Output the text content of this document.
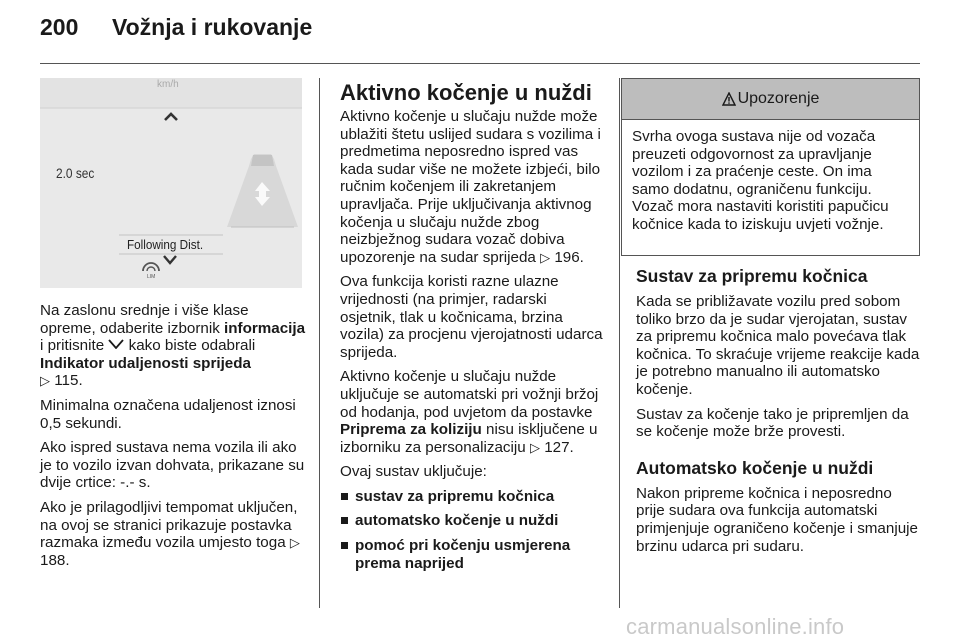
200 Vožnja i rukovanje
km/h
2.0 sec
Following Dist.
LIM

Na zaslonu srednje i više klase opreme, odaberite izbornik informacija i pritisnite  kako biste odabrali Indikator udaljenosti sprijeda
▷ 115.

Minimalna označena udaljenost iznosi 0,5 sekundi.

Ako ispred sustava nema vozila ili ako je to vozilo izvan dohvata, prikazane su dvije crtice: -.- s.

Ako je prilagodljivi tempomat uključen, na ovoj se stranici prikazuje postavka razmaka između vozila umjesto toga ▷ 188.

Aktivno kočenje u nuždi

Aktivno kočenje u slučaju nužde može ublažiti štetu uslijed sudara s vozilima i predmetima neposredno ispred vas kada sudar više ne možete izbjeći, bilo ručnim kočenjem ili zakretanjem upravljača. Prije uključivanja aktivnog kočenja u slučaju nužde zbog neizbježnog sudara vozač dobiva upozorenje na sudar sprijeda ▷ 196.

Ova funkcija koristi razne ulazne vrijednosti (na primjer, radarski osjetnik, tlak u kočnicama, brzina vozila) za procjenu vjerojatnosti udarca sprijeda.

Aktivno kočenje u slučaju nužde uključuje se automatski pri vožnji bržoj od hodanja, pod uvjetom da postavke Priprema za koliziju nisu isključene u izborniku za personalizaciju ▷ 127.

Ovaj sustav uključuje:

sustav za pripremu kočnica
automatsko kočenje u nuždi
pomoć pri kočenju usmjerena prema naprijed
Upozorenje
Svrha ovoga sustava nije od vozača preuzeti odgovornost za upravljanje vozilom i za praćenje ceste. On ima samo dodatnu, ograničenu funkciju. Vozač mora nastaviti koristiti papučicu kočnice kada to iziskuju uvjeti vožnje.

Sustav za pripremu kočnica

Kada se približavate vozilu pred sobom toliko brzo da je sudar vjerojatan, sustav za pripremu kočnica malo povećava tlak kočnica. To skraćuje vrijeme reakcije kada je potrebno manualno ili automatsko kočenje.

Sustav za kočenje tako je pripremljen da se kočenje može brže provesti.

Automatsko kočenje u nuždi

Nakon pripreme kočnica i neposredno prije sudara ova funkcija automatski primjenjuje ograničeno kočenje i smanjuje brzinu udarca pri sudaru.

carmanualsonline.info
